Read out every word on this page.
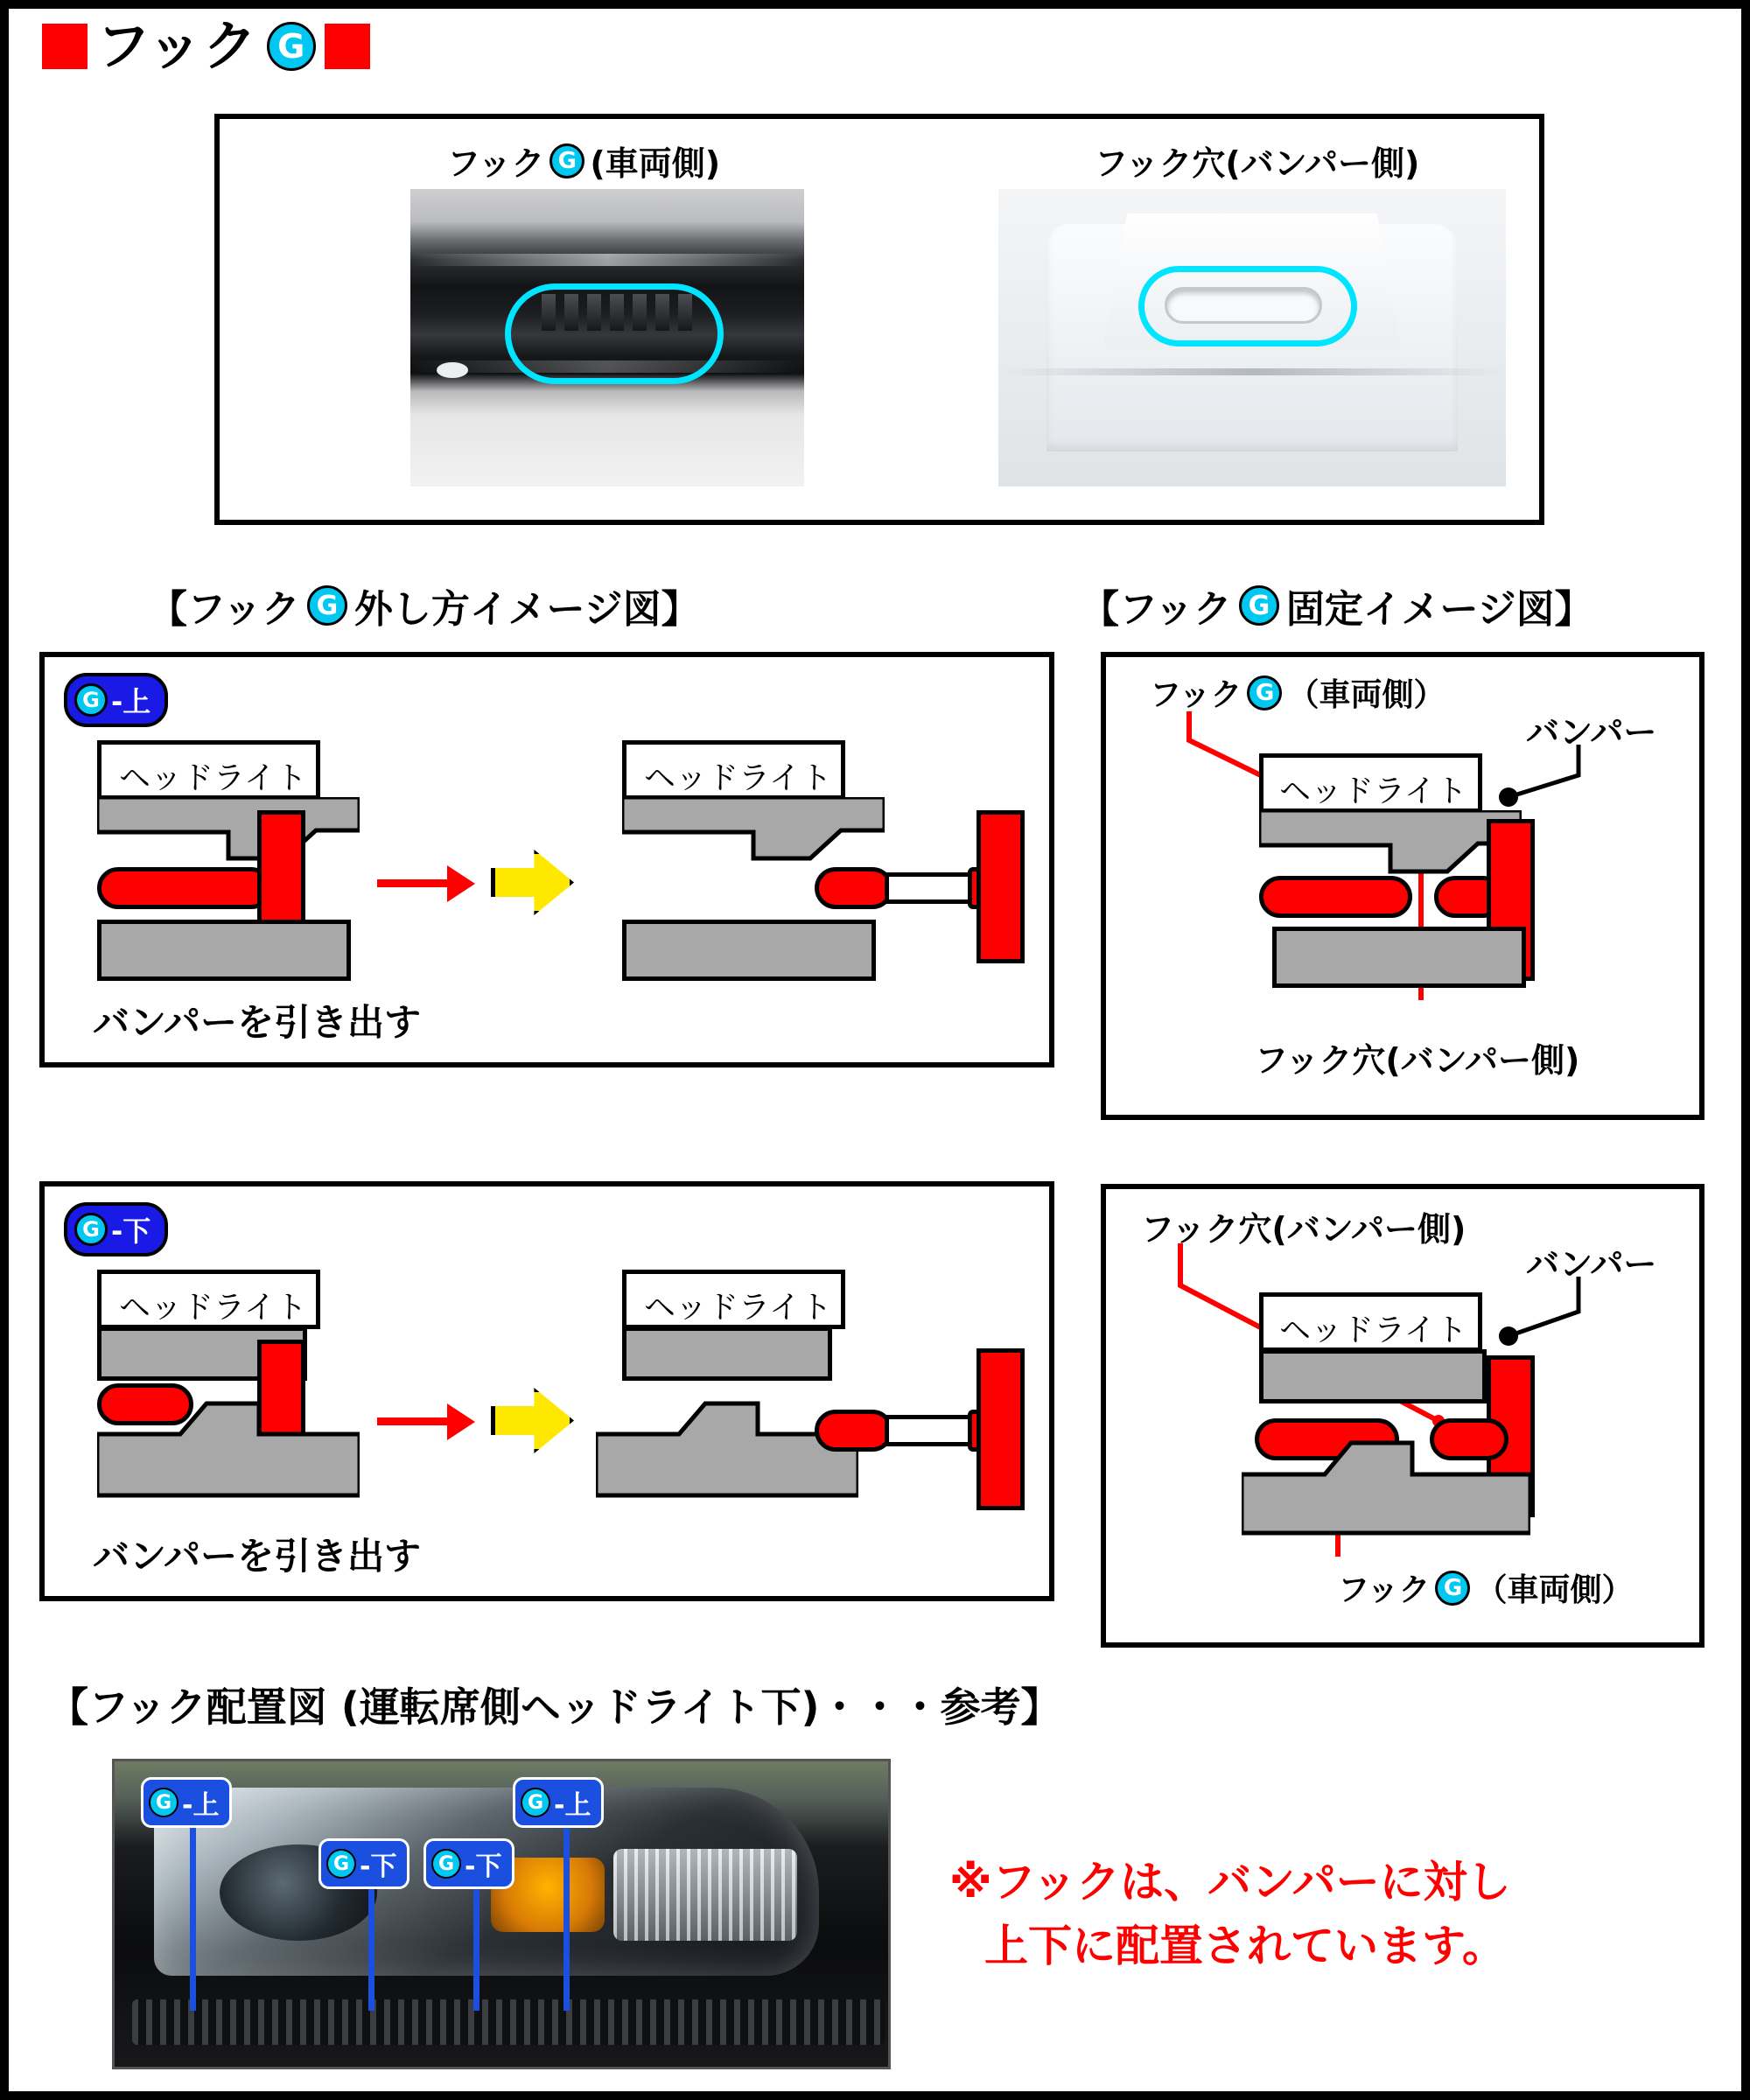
フック G
フック G (車両側)	フック穴(バンパー側)
【フック G 外し方イメージ図】	【フック G 固定イメージ図】
G -上
ヘッドライト	ヘッドライト
バンパーを引き出す
G -下
ヘッドライト	ヘッドライト
バンパーを引き出す
フック G （車両側）
バンパー
ヘッドライト
フック穴(バンパー側)
フック穴(バンパー側)
バンパー
ヘッドライト
フック G （車両側）
【フック配置図 (運転席側ヘッドライト下)・・・参考】
G -上	G -上
G -下	G -下	※フックは、バンパーに対し
上下に配置されています。
